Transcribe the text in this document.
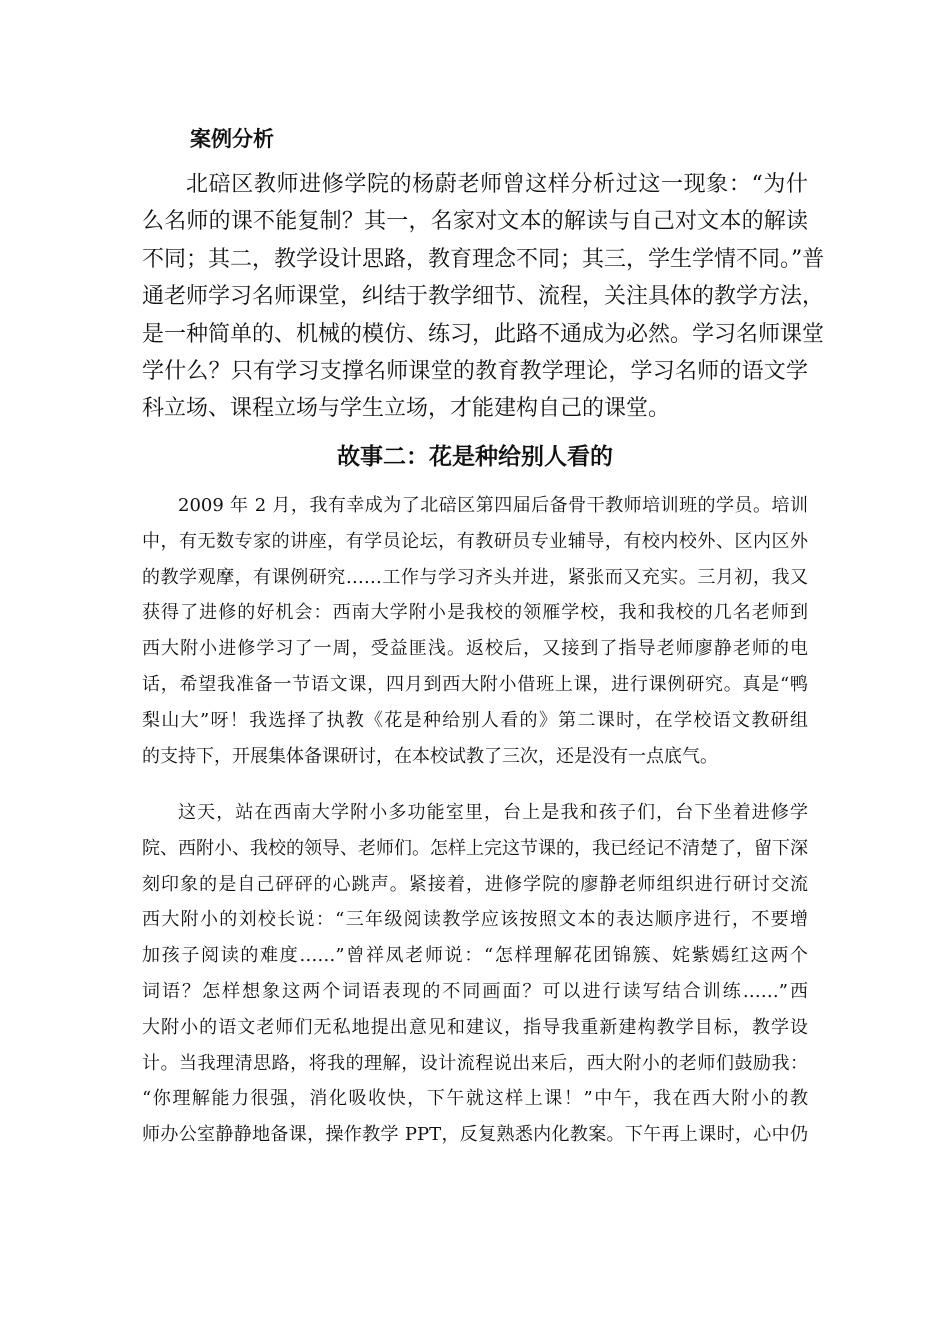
案例分析

北碚区教师进修学院的杨蔚老师曾这样分析过这一现象：“为什
么名师的课不能复制？其一，名家对文本的解读与自己对文本的解读
不同；其二，教学设计思路，教育理念不同；其三，学生学情不同。”普
通老师学习名师课堂，纠结于教学细节、流程，关注具体的教学方法，
是一种简单的、机械的模仿、练习，此路不通成为必然。学习名师课堂
学什么？只有学习支撑名师课堂的教育教学理论，学习名师的语文学
科立场、课程立场与学生立场，才能建构自己的课堂。

故事二：花是种给别人看的

2009 年 2 月，我有幸成为了北碚区第四届后备骨干教师培训班的学员。培训
中，有无数专家的讲座，有学员论坛，有教研员专业辅导，有校内校外、区内区外
的教学观摩，有课例研究……工作与学习齐头并进，紧张而又充实。三月初，我又
获得了进修的好机会：西南大学附小是我校的领雁学校，我和我校的几名老师到
西大附小进修学习了一周，受益匪浅。返校后，又接到了指导老师廖静老师的电
话，希望我准备一节语文课，四月到西大附小借班上课，进行课例研究。真是“鸭
梨山大”呀！我选择了执教《花是种给别人看的》第二课时，在学校语文教研组
的支持下，开展集体备课研讨，在本校试教了三次，还是没有一点底气。

这天，站在西南大学附小多功能室里，台上是我和孩子们，台下坐着进修学
院、西附小、我校的领导、老师们。怎样上完这节课的，我已经记不清楚了，留下深
刻印象的是自己砰砰的心跳声。紧接着，进修学院的廖静老师组织进行研讨交流
西大附小的刘校长说：“三年级阅读教学应该按照文本的表达顺序进行，不要增
加孩子阅读的难度……”曾祥凤老师说：“怎样理解花团锦簇、姹紫嫣红这两个
词语？怎样想象这两个词语表现的不同画面？可以进行读写结合训练……”西
大附小的语文老师们无私地提出意见和建议，指导我重新建构教学目标，教学设
计。当我理清思路，将我的理解，设计流程说出来后，西大附小的老师们鼓励我：
“你理解能力很强，消化吸收快，下午就这样上课！”中午，我在西大附小的教
师办公室静静地备课，操作教学 PPT，反复熟悉内化教案。下午再上课时，心中仍
